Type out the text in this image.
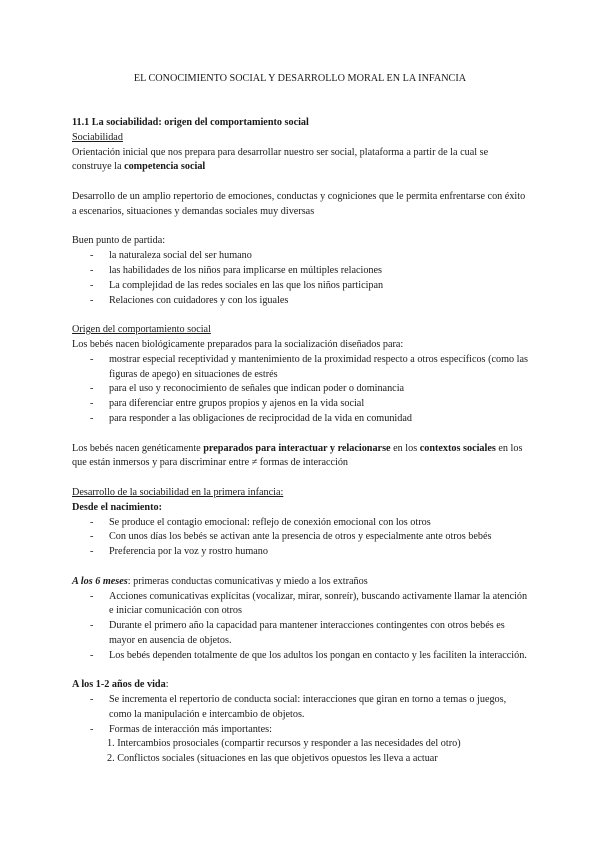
EL CONOCIMIENTO SOCIAL Y DESARROLLO MORAL EN LA INFANCIA

11.1 La sociabilidad: origen del comportamiento social

Sociabilidad

Orientación inicial que nos prepara para desarrollar nuestro ser social, plataforma a partir de la cual se construye la competencia social

Desarrollo de un amplio repertorio de emociones, conductas y cogniciones que le permita enfrentarse con éxito a escenarios, situaciones y demandas sociales muy diversas

Buen punto de partida:

- la naturaleza social del ser humano
- las habilidades de los niños para implicarse en múltiples relaciones
- La complejidad de las redes sociales en las que los niños participan
- Relaciones con cuidadores y con los iguales

Origen del comportamiento social

Los bebés nacen biológicamente preparados para la socialización diseñados para:

- mostrar especial receptividad y mantenimiento de la proximidad respecto a otros específicos (como las figuras de apego) en situaciones de estrés
- para el uso y reconocimiento de señales que indican poder o dominancia
- para diferenciar entre grupos propios y ajenos en la vida social
- para responder a las obligaciones de reciprocidad de la vida en comunidad

Los bebés nacen genéticamente preparados para interactuar y relacionarse en los contextos sociales en los que están inmersos y para discriminar entre ≠ formas de interacción

Desarrollo de la sociabilidad en la primera infancia:

Desde el nacimiento:

- Se produce el contagio emocional: reflejo de conexión emocional con los otros
- Con unos días los bebés se activan ante la presencia de otros y especialmente ante otros bebés
- Preferencia por la voz y rostro humano

A los 6 meses: primeras conductas comunicativas y miedo a los extraños

- Acciones comunicativas explícitas (vocalizar, mirar, sonreír), buscando activamente llamar la atención e iniciar comunicación con otros
- Durante el primero año la capacidad para mantener interacciones contingentes con otros bebés es mayor en ausencia de objetos.
- Los bebés dependen totalmente de que los adultos los pongan en contacto y les faciliten la interacción.

A los 1-2 años de vida:

- Se incrementa el repertorio de conducta social: interacciones que giran en torno a temas o juegos, como la manipulación e intercambio de objetos.
- Formas de interacción más importantes:

1. Intercambios prosociales (compartir recursos y responder a las necesidades del otro)

2. Conflictos sociales (situaciones en las que objetivos opuestos les lleva a actuar
